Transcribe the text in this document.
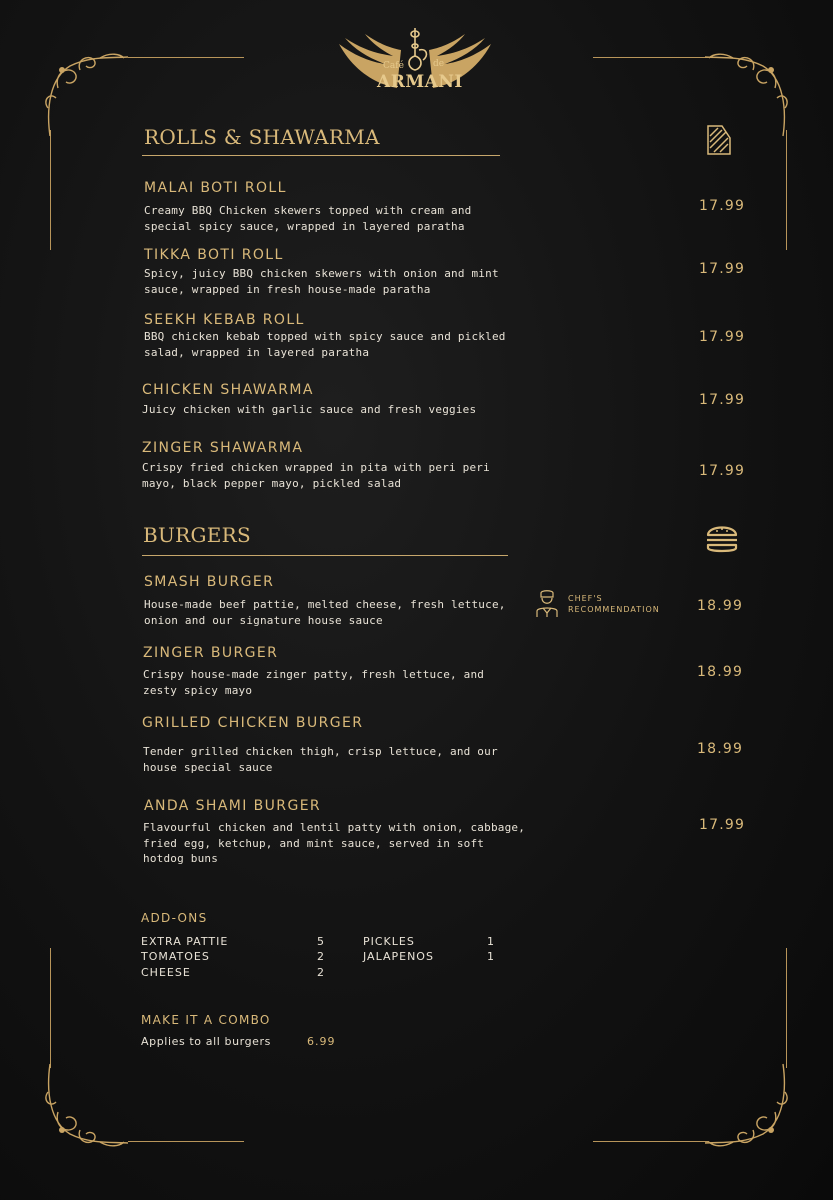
Café	de
ARMANI
ROLLS & SHAWARMA
MALAI BOTI ROLL
Creamy BBQ Chicken skewers topped with cream and special spicy sauce, wrapped in layered paratha
17.99
TIKKA BOTI ROLL
Spicy, juicy BBQ chicken skewers with onion and mint sauce, wrapped in fresh house-made paratha
17.99
SEEKH KEBAB ROLL
BBQ chicken kebab topped with spicy sauce and pickled salad, wrapped in layered paratha
17.99
CHICKEN SHAWARMA
Juicy chicken with garlic sauce and fresh veggies
17.99
ZINGER SHAWARMA
Crispy fried chicken wrapped in pita with peri peri mayo, black pepper mayo, pickled salad
17.99
BURGERS
SMASH BURGER
House-made beef pattie, melted cheese, fresh lettuce, onion and our signature house sauce
CHEF'S
RECOMMENDATION	18.99
ZINGER BURGER
Crispy house-made zinger patty, fresh lettuce, and zesty spicy mayo
18.99
GRILLED CHICKEN BURGER
Tender grilled chicken thigh, crisp lettuce, and our house special sauce
18.99
ANDA SHAMI BURGER
Flavourful chicken and lentil patty with onion, cabbage, fried egg, ketchup, and mint sauce, served in soft hotdog buns
17.99
ADD-ONS
EXTRA PATTIE	5
TOMATOES	2
CHEESE	2
PICKLES	1
JALAPENOS	1
MAKE IT A COMBO
Applies to all burgers	6.99
